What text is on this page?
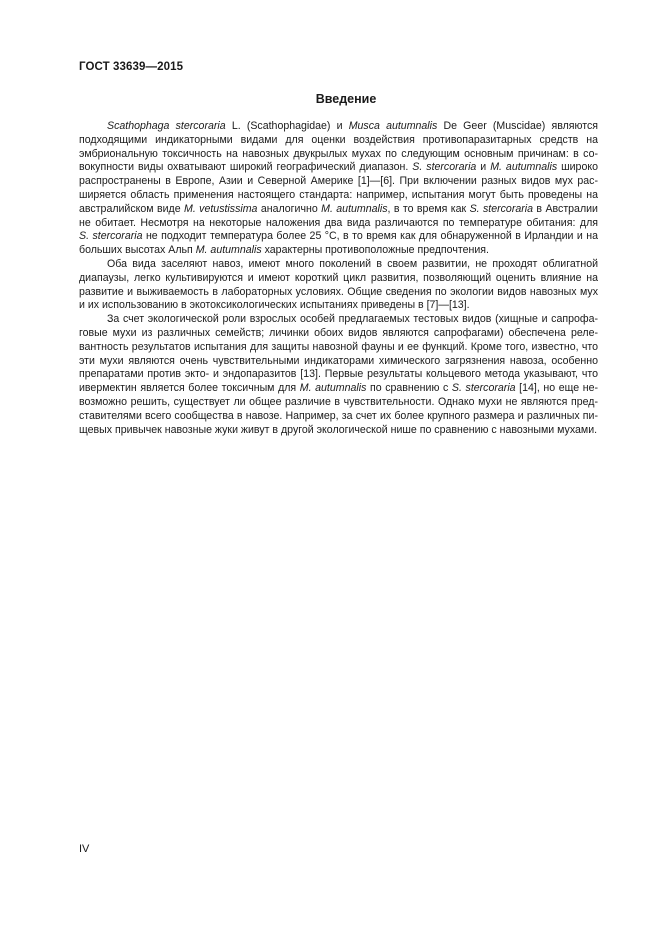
ГОСТ 33639—2015
Введение
Scathophaga stercoraria L. (Scathophagidae) и Musca autumnalis De Geer (Muscidae) являются
подходящими индикаторными видами для оценки воздействия противопаразитарных средств на
эмбриональную токсичность на навозных двукрылых мухах по следующим основным причинам: в со-
вокупности виды охватывают широкий географический диапазон. S. stercoraria и M. autumnalis широко
распространены в Европе, Азии и Северной Америке [1]—[6]. При включении разных видов мух рас-
ширяется область применения настоящего стандарта: например, испытания могут быть проведены на
австралийском виде M. vetustissima аналогично M. autumnalis, в то время как S. stercoraria в Австралии
не обитает. Несмотря на некоторые наложения два вида различаются по температуре обитания: для
S. stercoraria не подходит температура более 25 °С, в то время как для обнаруженной в Ирландии и на
больших высотах Альп M. autumnalis характерны противоположные предпочтения.
Оба вида заселяют навоз, имеют много поколений в своем развитии, не проходят облигатной
диапаузы, легко культивируются и имеют короткий цикл развития, позволяющий оценить влияние на
развитие и выживаемость в лабораторных условиях. Общие сведения по экологии видов навозных мух
и их использованию в экотоксикологических испытаниях приведены в [7]—[13].
За счет экологической роли взрослых особей предлагаемых тестовых видов (хищные и сапрофа-
говые мухи из различных семейств; личинки обоих видов являются сапрофагами) обеспечена реле-
вантность результатов испытания для защиты навозной фауны и ее функций. Кроме того, известно, что
эти мухи являются очень чувствительными индикаторами химического загрязнения навоза, особенно
препаратами против экто- и эндопаразитов [13]. Первые результаты кольцевого метода указывают, что
ивермектин является более токсичным для M. autumnalis по сравнению с S. stercoraria [14], но еще не-
возможно решить, существует ли общее различие в чувствительности. Однако мухи не являются пред-
ставителями всего сообщества в навозе. Например, за счет их более крупного размера и различных пи-
щевых привычек навозные жуки живут в другой экологической нише по сравнению с навозными мухами.
IV
